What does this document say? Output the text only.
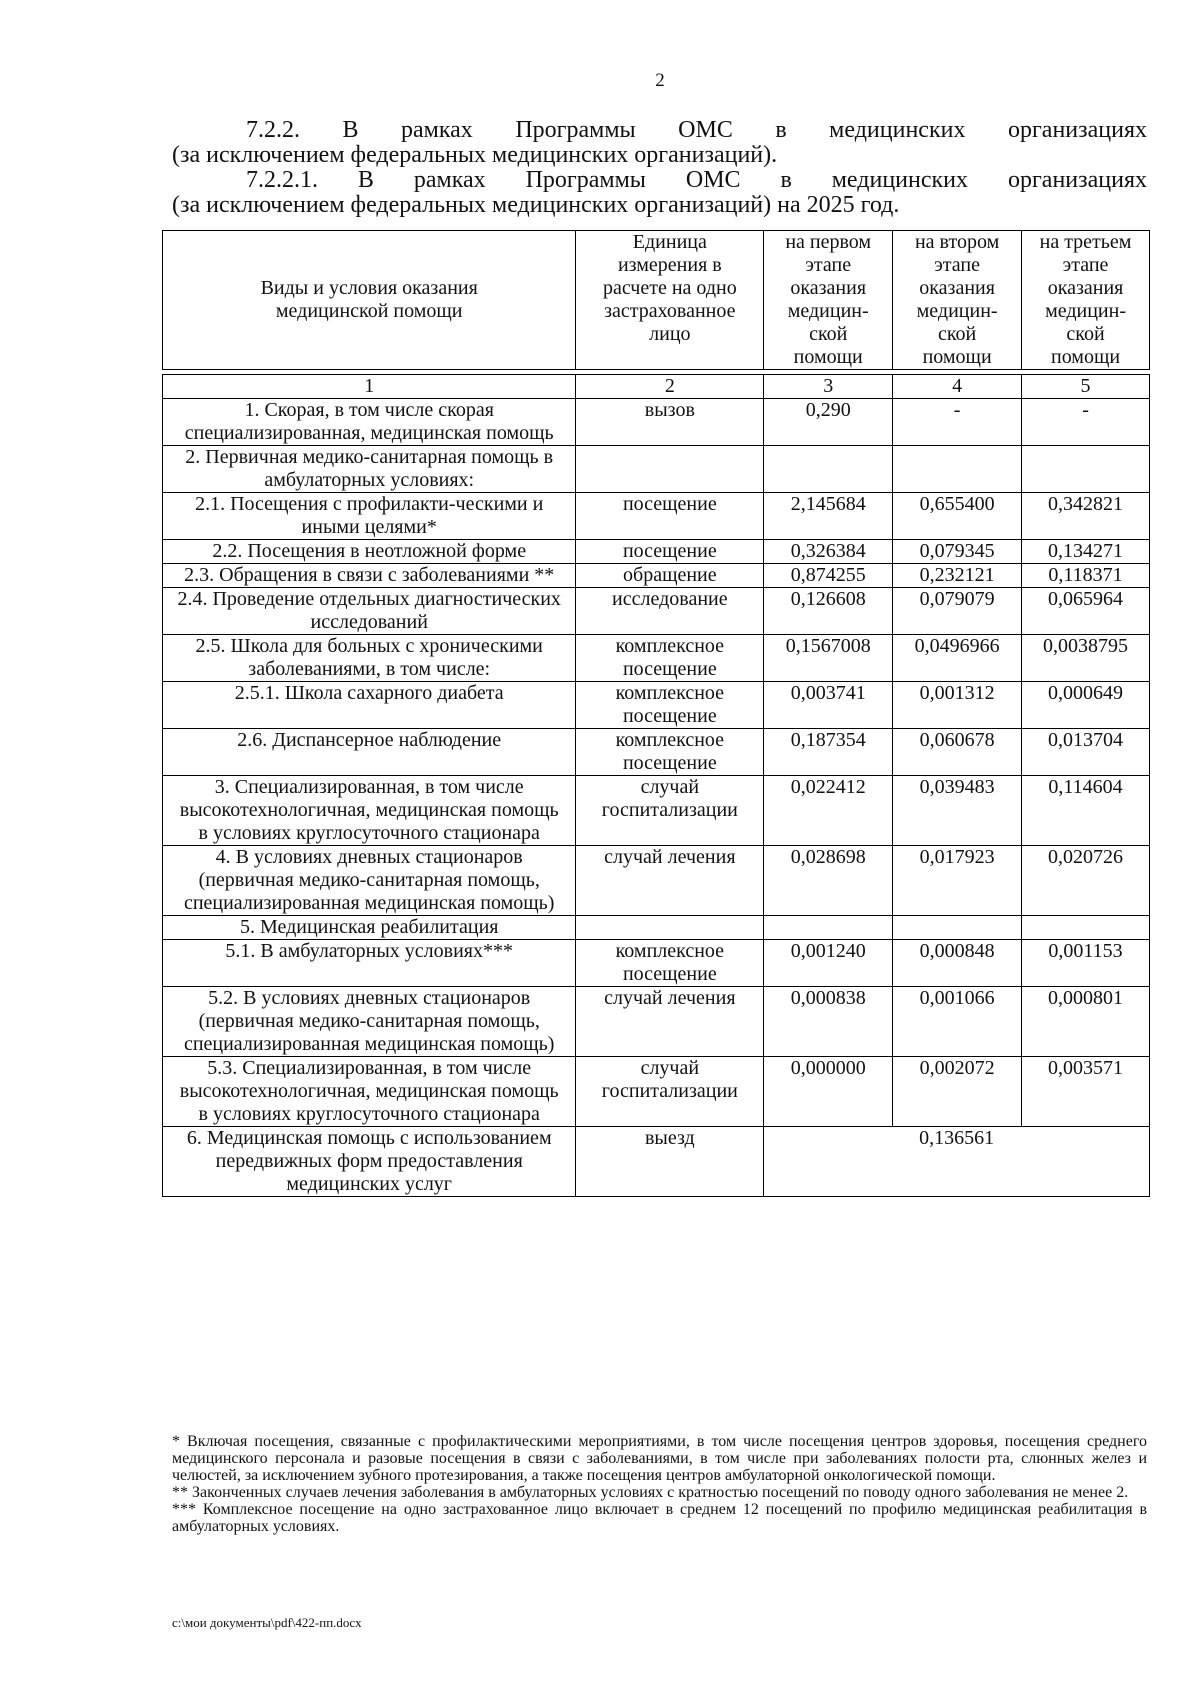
2
7.2.2. В рамках Программы ОМС в медицинских организациях
(за исключением федеральных медицинских организаций).
7.2.2.1. В рамках Программы ОМС в медицинских организациях
(за исключением федеральных медицинских организаций) на 2025 год.
Виды и условия оказания медицинской помощи	Единица измерения в расчете на одно застрахованное лицо	на первом этапе оказания медицин-ской помощи	на втором этапе оказания медицин-ской помощи	на третьем этапе оказания медицин-ской помощи

1	2	3	4	5
1. Скорая, в том числе скорая специализированная, медицинская помощь	вызов	0,290	-	-
2. Первичная медико-санитарная помощь в амбулаторных условиях:				
2.1. Посещения с профилакти-ческими и иными целями*	посещение	2,145684	0,655400	0,342821
2.2. Посещения в неотложной форме	посещение	0,326384	0,079345	0,134271
2.3. Обращения в связи с заболеваниями **	обращение	0,874255	0,232121	0,118371
2.4. Проведение отдельных диагностических исследований	исследование	0,126608	0,079079	0,065964
2.5. Школа для больных с хроническими заболеваниями, в том числе:	комплексное посещение	0,1567008	0,0496966	0,0038795
2.5.1. Школа сахарного диабета	комплексное посещение	0,003741	0,001312	0,000649
2.6. Диспансерное наблюдение	комплексное посещение	0,187354	0,060678	0,013704
3. Специализированная, в том числе высокотехнологичная, медицинская помощь в условиях круглосуточного стационара	случай госпитализации	0,022412	0,039483	0,114604
4. В условиях дневных стационаров (первичная медико-санитарная помощь, специализированная медицинская помощь)	случай лечения	0,028698	0,017923	0,020726
5. Медицинская реабилитация				
5.1. В амбулаторных условиях***	комплексное посещение	0,001240	0,000848	0,001153
5.2. В условиях дневных стационаров (первичная медико-санитарная помощь, специализированная медицинская помощь)	случай лечения	0,000838	0,001066	0,000801
5.3. Специализированная, в том числе высокотехнологичная, медицинская помощь в условиях круглосуточного стационара	случай госпитализации	0,000000	0,002072	0,003571
6. Медицинская помощь с использованием передвижных форм предоставления медицинских услуг	выезд	0,136561		

* Включая посещения, связанные с профилактическими мероприятиями, в том числе посещения центров здоровья, посещения среднего медицинского персонала и разовые посещения в связи с заболеваниями, в том числе при заболеваниях полости рта, слюнных желез и челюстей, за исключением зубного протезирования, а также посещения центров амбулаторной онкологической помощи.

** Законченных случаев лечения заболевания в амбулаторных условиях с кратностью посещений по поводу одного заболевания не менее 2.

*** Комплексное посещение на одно застрахованное лицо включает в среднем 12 посещений по профилю медицинская реабилитация в амбулаторных условиях.

c:\мои документы\pdf\422-пп.docx
